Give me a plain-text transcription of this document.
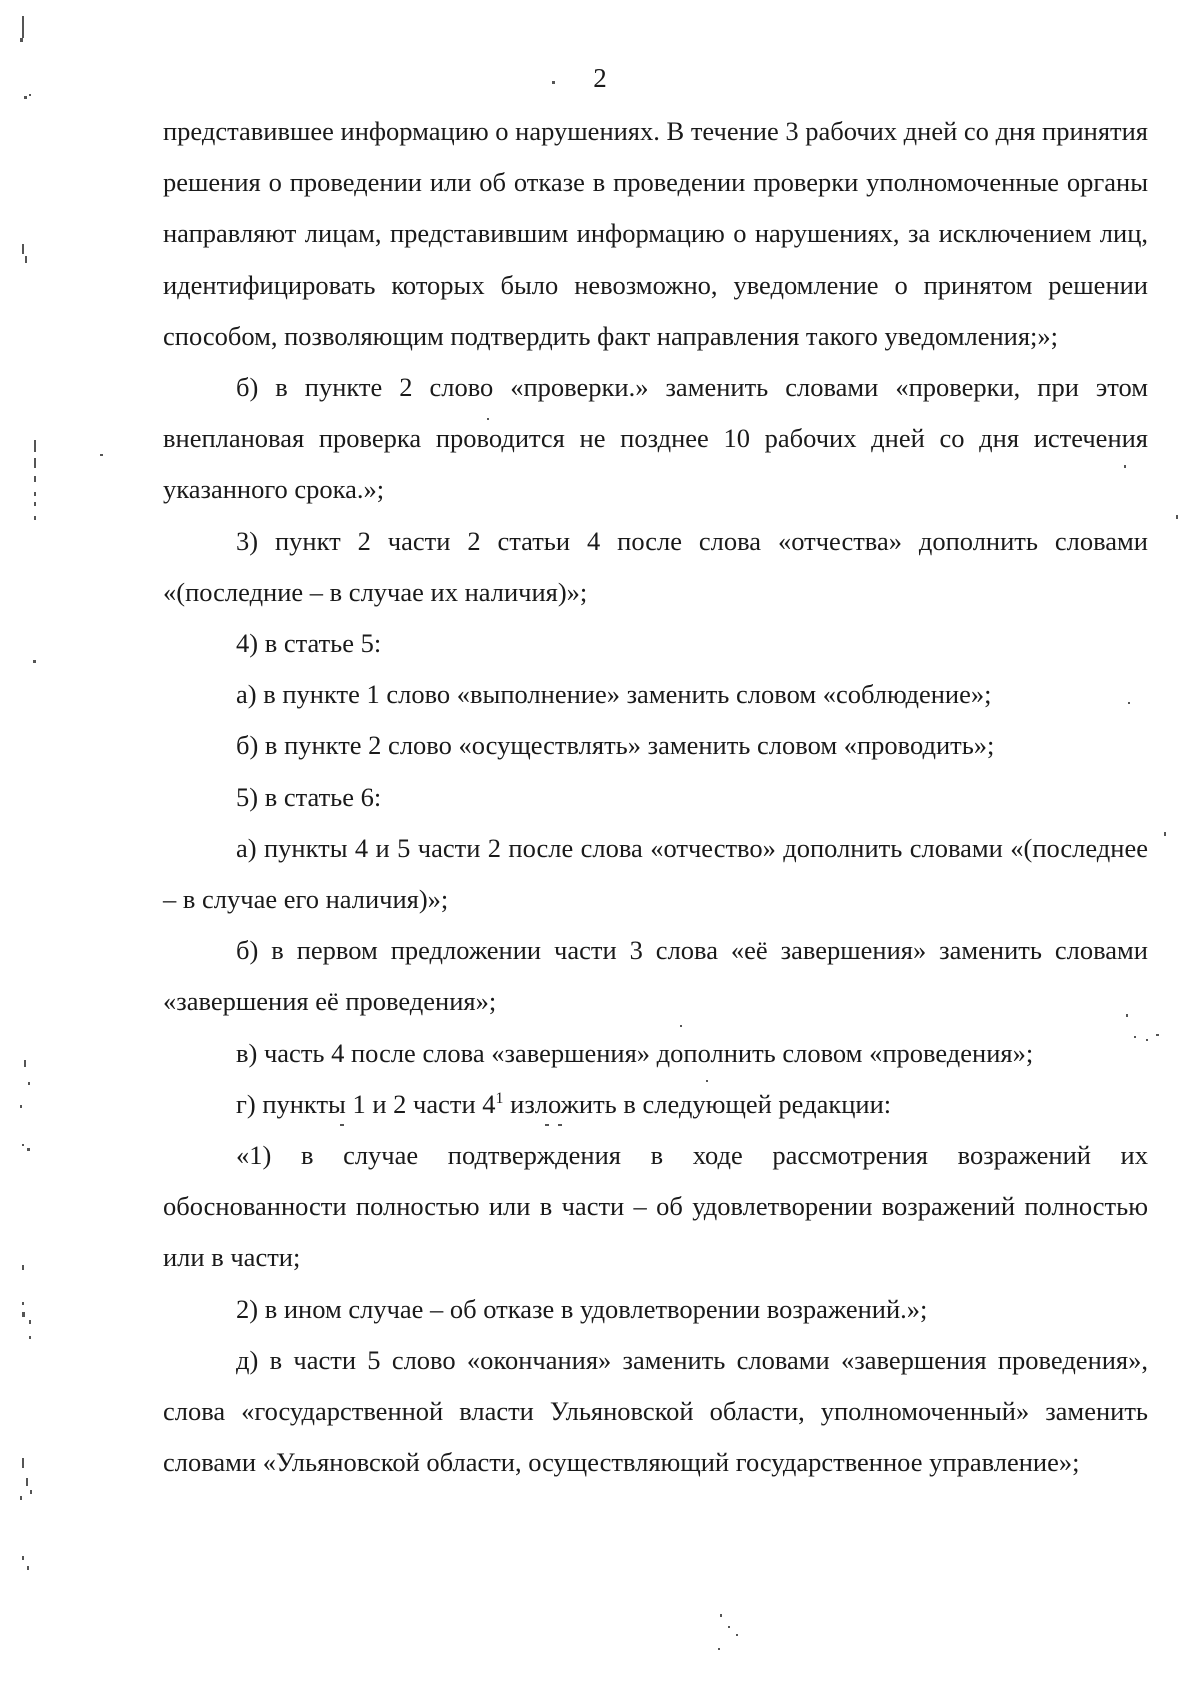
2

представившее информацию о нарушениях. В течение 3 рабочих дней со дня принятия решения о проведении или об отказе в проведении проверки уполномоченные органы направляют лицам, представившим информацию о нарушениях, за исключением лиц, идентифицировать которых было невозможно, уведомление о принятом решении способом, позволяющим подтвердить факт направления такого уведомления;»;

б) в пункте 2 слово «проверки.» заменить словами «проверки, при этом внеплановая проверка проводится не позднее 10 рабочих дней со дня истечения указанного срока.»;

3) пункт 2 части 2 статьи 4 после слова «отчества» дополнить словами «(последние – в случае их наличия)»;

4) в статье 5:

а) в пункте 1 слово «выполнение» заменить словом «соблюдение»;

б) в пункте 2 слово «осуществлять» заменить словом «проводить»;

5) в статье 6:

а) пункты 4 и 5 части 2 после слова «отчество» дополнить словами «(последнее – в случае его наличия)»;

б) в первом предложении части 3 слова «её завершения» заменить словами «завершения её проведения»;

в) часть 4 после слова «завершения» дополнить словом «проведения»;

г) пункты 1 и 2 части $4^1$ изложить в следующей редакции:

«1) в случае подтверждения в ходе рассмотрения возражений их обоснованности полностью или в части – об удовлетворении возражений полностью или в части;

2) в ином случае – об отказе в удовлетворении возражений.»;

д) в части 5 слово «окончания» заменить словами «завершения проведения», слова «государственной власти Ульяновской области, уполномоченный» заменить словами «Ульяновской области, осуществляющий государственное управление»;
